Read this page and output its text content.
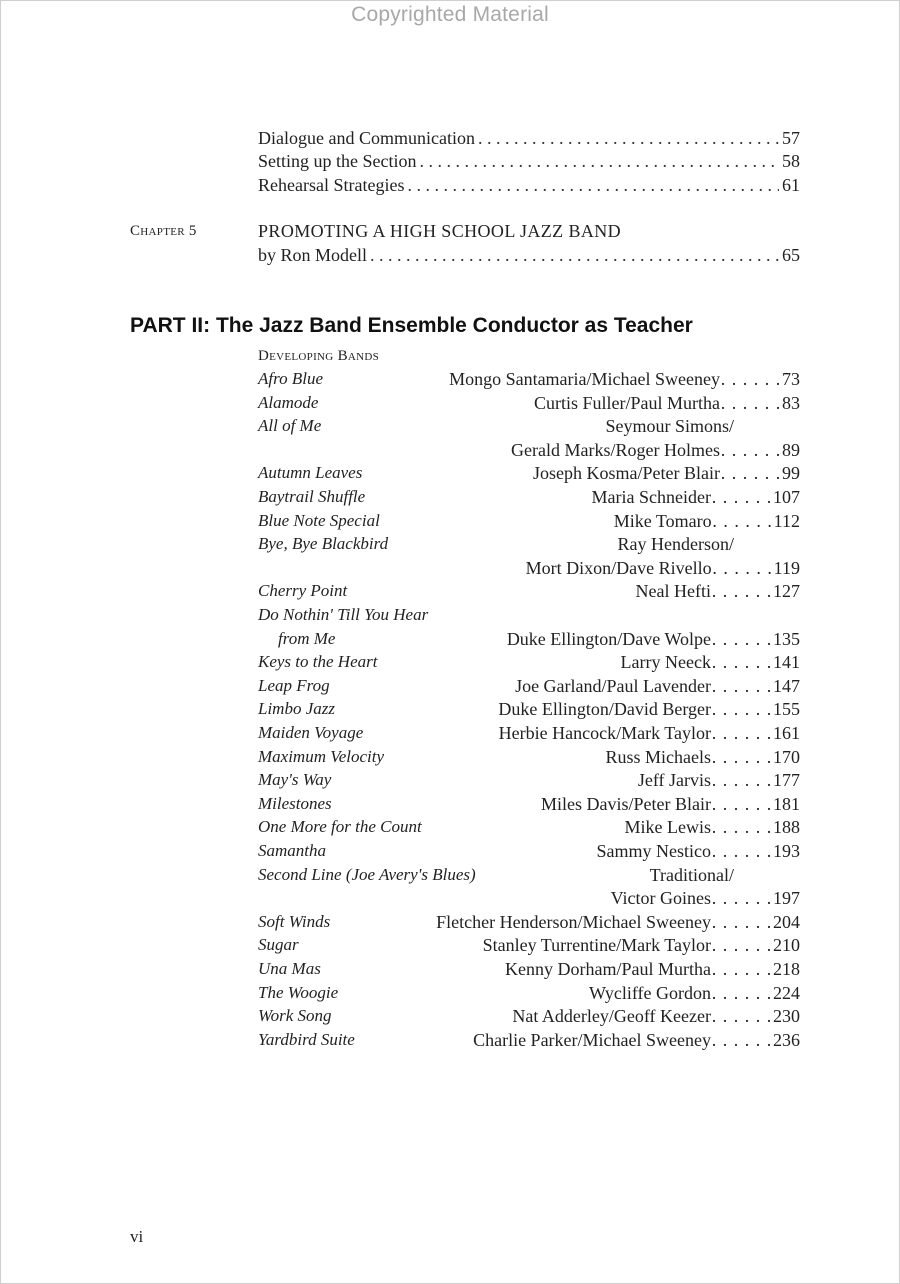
Copyrighted Material
Dialogue and Communication . . .	57
Setting up the Section . . .	58
Rehearsal Strategies . . .	61
Chapter 5	PROMOTING A HIGH SCHOOL JAZZ BAND
by Ron Modell . . .	65
PART II: The Jazz Band Ensemble Conductor as Teacher
Developing Bands
Afro Blue	Mongo Santamaria/Michael Sweeney. . . . . .73
Alamode	Curtis Fuller/Paul Murtha. . . . . .83
All of Me	Seymour Simons/
Gerald Marks/Roger Holmes. . . . . .89
Autumn Leaves	Joseph Kosma/Peter Blair. . . . . .99
Baytrail Shuffle	Maria Schneider. . . . . .107
Blue Note Special	Mike Tomaro. . . . . .112
Bye, Bye Blackbird	Ray Henderson/
Mort Dixon/Dave Rivello. . . . . .119
Cherry Point	Neal Hefti. . . . . .127
Do Nothin' Till You Hear
from Me	Duke Ellington/Dave Wolpe. . . . . .135
Keys to the Heart	Larry Neeck. . . . . .141
Leap Frog	Joe Garland/Paul Lavender. . . . . .147
Limbo Jazz	Duke Ellington/David Berger. . . . . .155
Maiden Voyage	Herbie Hancock/Mark Taylor. . . . . .161
Maximum Velocity	Russ Michaels. . . . . .170
May's Way	Jeff Jarvis. . . . . .177
Milestones	Miles Davis/Peter Blair. . . . . .181
One More for the Count	Mike Lewis. . . . . .188
Samantha	Sammy Nestico. . . . . .193
Second Line (Joe Avery's Blues)	Traditional/
Victor Goines. . . . . .197
Soft Winds	Fletcher Henderson/Michael Sweeney. . . . . .204
Sugar	Stanley Turrentine/Mark Taylor. . . . . .210
Una Mas	Kenny Dorham/Paul Murtha. . . . . .218
The Woogie	Wycliffe Gordon. . . . . .224
Work Song	Nat Adderley/Geoff Keezer. . . . . .230
Yardbird Suite	Charlie Parker/Michael Sweeney. . . . . .236
vi
